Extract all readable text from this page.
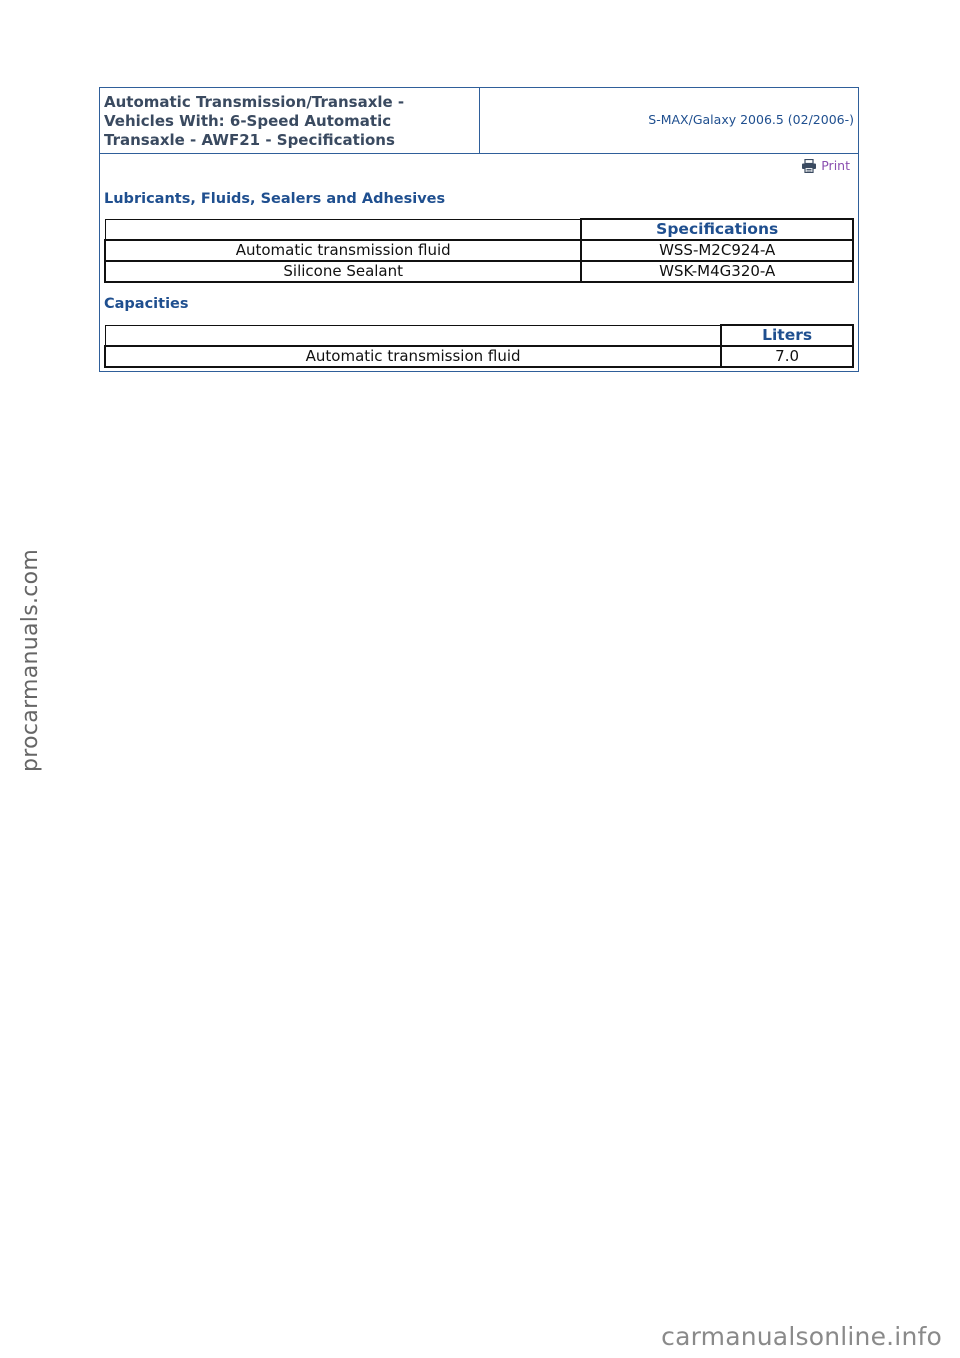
Automatic Transmission/Transaxle - Vehicles With: 6-Speed Automatic Transaxle - AWF21 - Specifications
S-MAX/Galaxy 2006.5 (02/2006-)
Print
Lubricants, Fluids, Sealers and Adhesives
	Specifications
Automatic transmission fluid	WSS-M2C924-A
Silicone Sealant	WSK-M4G320-A
Capacities
	Liters
Automatic transmission fluid	7.0
procarmanuals.com
carmanualsonline.info
